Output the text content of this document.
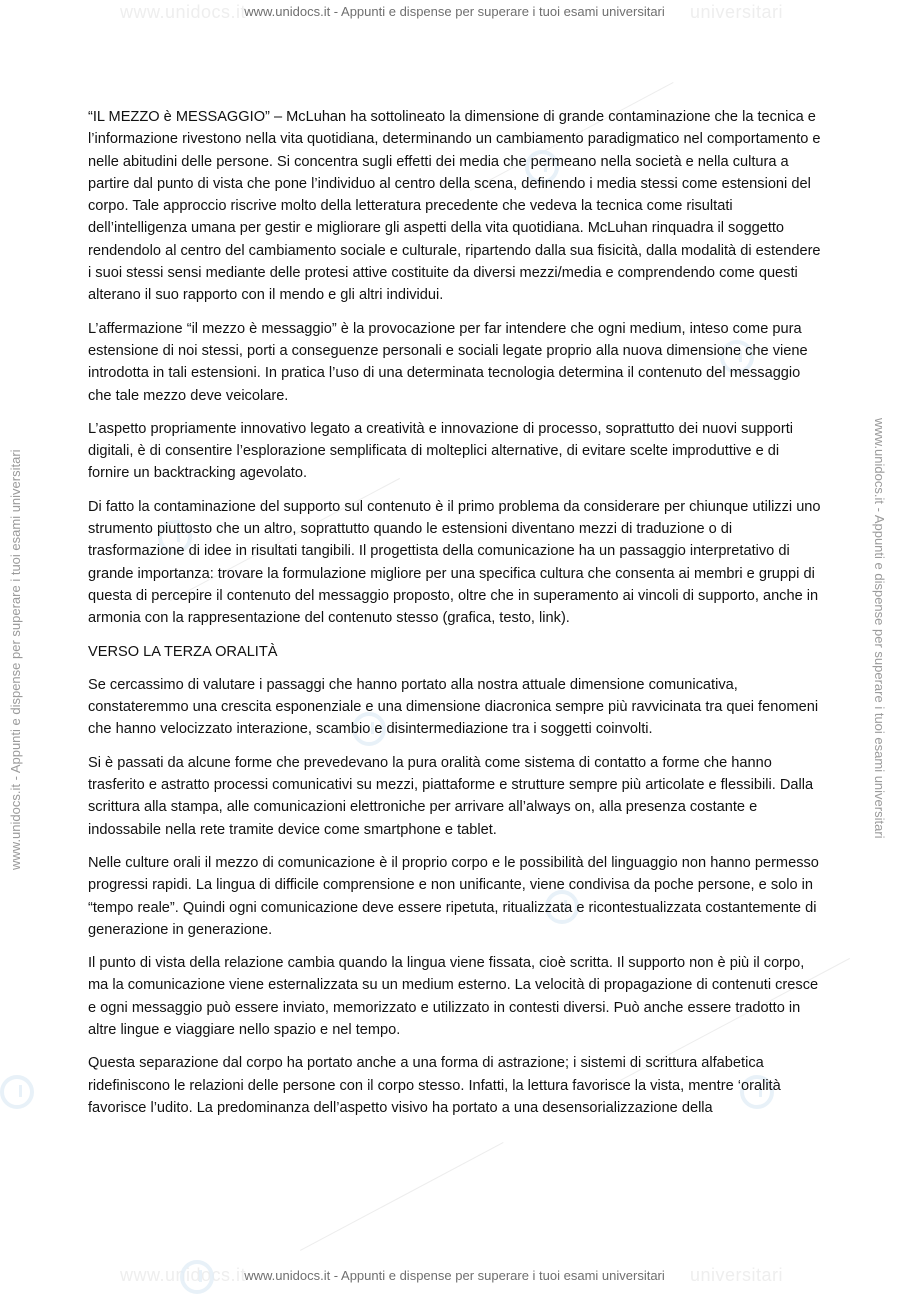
www.unidocs.it	universitari
www.unidocs.it	universitari
www.unidocs.it - Appunti e dispense per superare i tuoi esami universitari
www.unidocs.it - Appunti e dispense per superare i tuoi esami universitari
www.unidocs.it - Appunti e dispense per superare i tuoi esami universitari	www.unidocs.it - Appunti e dispense per superare i tuoi esami universitari

“IL MEZZO è MESSAGGIO” – McLuhan ha sottolineato la dimensione di grande contaminazione che la tecnica e l’informazione rivestono nella vita quotidiana, determinando un cambiamento paradigmatico nel comportamento e nelle abitudini delle persone. Si concentra sugli effetti dei media che permeano nella società e nella cultura a partire dal punto di vista che pone l’individuo al centro della scena, definendo i media stessi come estensioni del corpo. Tale approccio riscrive molto della letteratura precedente che vedeva la tecnica come risultati dell’intelligenza umana per gestir e migliorare gli aspetti della vita quotidiana. McLuhan rinquadra il soggetto rendendolo al centro del cambiamento sociale e culturale, ripartendo dalla sua fisicità, dalla modalità di estendere i suoi stessi sensi mediante delle protesi attive costituite da diversi mezzi/media e comprendendo come questi alterano il suo rapporto con il mendo e gli altri individui.

L’affermazione “il mezzo è messaggio” è la provocazione per far intendere che ogni medium, inteso come pura estensione di noi stessi, porti a conseguenze personali e sociali legate proprio alla nuova dimensione che viene introdotta in tali estensioni. In pratica l’uso di una determinata tecnologia determina il contenuto del messaggio che tale mezzo deve veicolare.

L’aspetto propriamente innovativo legato a creatività e innovazione di processo, soprattutto dei nuovi supporti digitali, è di consentire l’esplorazione semplificata di molteplici alternative, di evitare scelte improduttive e di fornire un backtracking agevolato.

Di fatto la contaminazione del supporto sul contenuto è il primo problema da considerare per chiunque utilizzi uno strumento piuttosto che un altro, soprattutto quando le estensioni diventano mezzi di traduzione o di trasformazione di idee in risultati tangibili. Il progettista della comunicazione ha un passaggio interpretativo di grande importanza: trovare la formulazione migliore per una specifica cultura che consenta ai membri e gruppi di questa di percepire il contenuto del messaggio proposto, oltre che in superamento ai vincoli di supporto, anche in armonia con la rappresentazione del contenuto stesso (grafica, testo, link).

VERSO LA TERZA ORALITÀ

Se cercassimo di valutare i passaggi che hanno portato alla nostra attuale dimensione comunicativa, constateremmo una crescita esponenziale e una dimensione diacronica sempre più ravvicinata tra quei fenomeni che hanno velocizzato interazione, scambio e disintermediazione tra i soggetti coinvolti.

Si è passati da alcune forme che prevedevano la pura oralità come sistema di contatto a forme che hanno trasferito e astratto processi comunicativi su mezzi, piattaforme e strutture sempre più articolate e flessibili. Dalla scrittura alla stampa, alle comunicazioni elettroniche per arrivare all’always on, alla presenza costante e indossabile nella rete tramite device come smartphone e tablet.

Nelle culture orali il mezzo di comunicazione è il proprio corpo e le possibilità del linguaggio non hanno permesso progressi rapidi. La lingua di difficile comprensione e non unificante, viene condivisa da poche persone, e solo in “tempo reale”. Quindi ogni comunicazione deve essere ripetuta, ritualizzata e ricontestualizzata costantemente di generazione in generazione.

Il punto di vista della relazione cambia quando la lingua viene fissata, cioè scritta. Il supporto non è più il corpo, ma la comunicazione viene esternalizzata su un medium esterno. La velocità di propagazione di contenuti cresce e ogni messaggio può essere inviato, memorizzato e utilizzato in contesti diversi. Può anche essere tradotto in altre lingue e viaggiare nello spazio e nel tempo.

Questa separazione dal corpo ha portato anche a una forma di astrazione; i sistemi di scrittura alfabetica ridefiniscono le relazioni delle persone con il corpo stesso. Infatti, la lettura favorisce la vista, mentre ‘oralità favorisce l’udito. La predominanza dell’aspetto visivo ha portato a una desensorializzazione della
